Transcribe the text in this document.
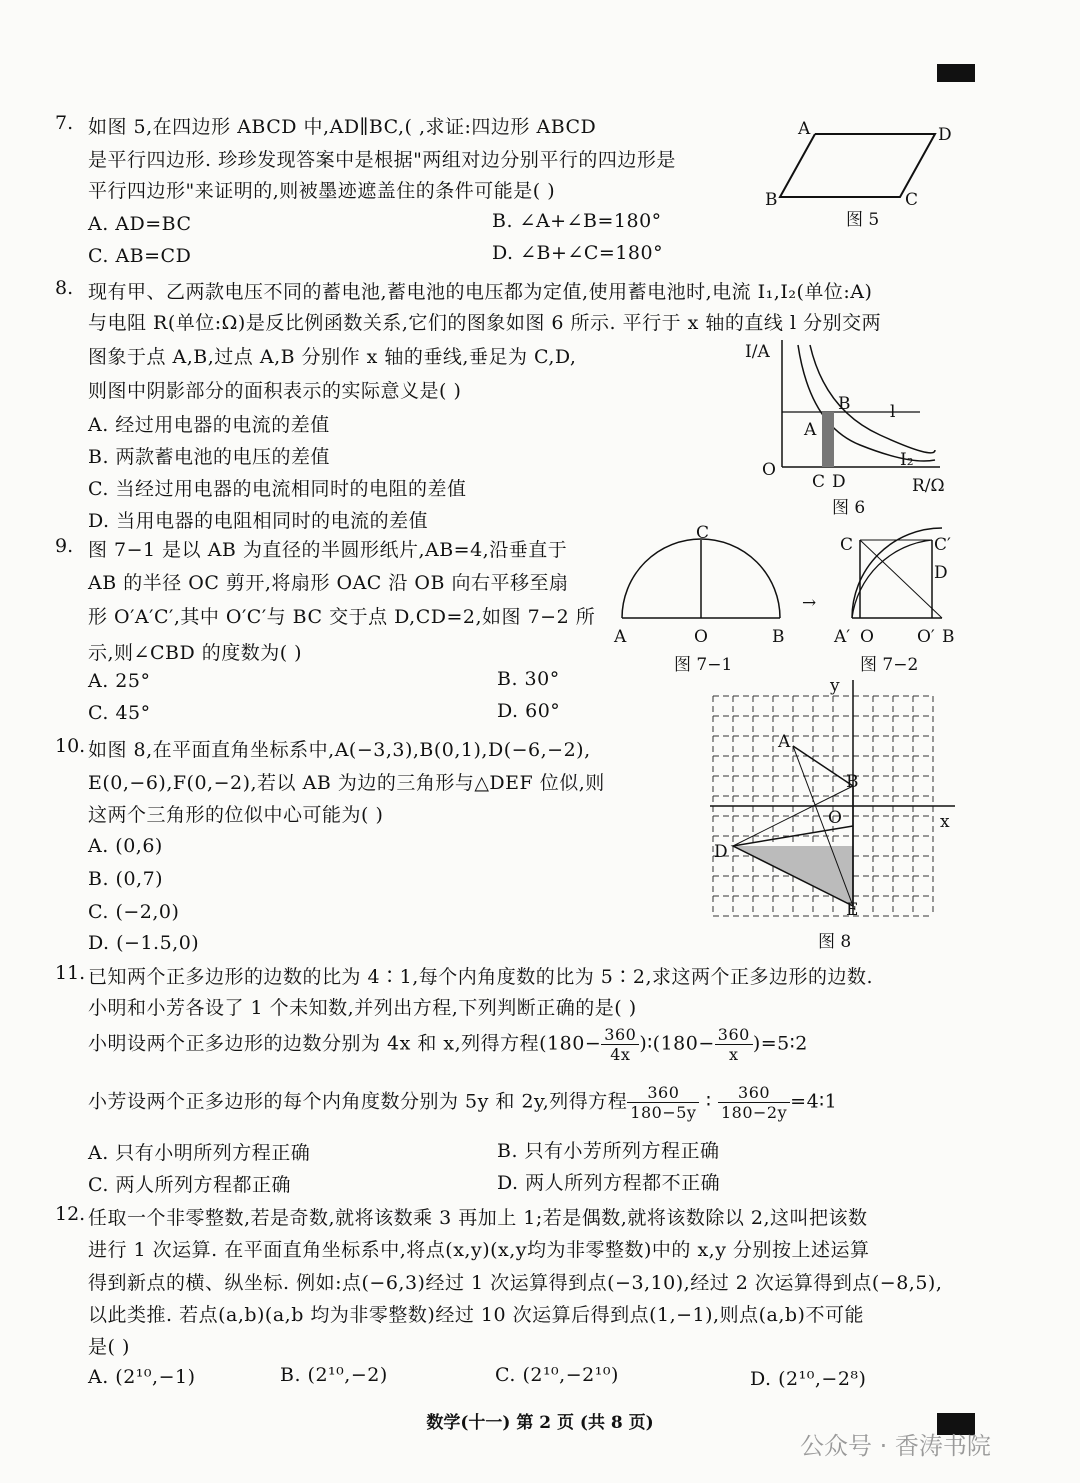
7. 如图 5,在四边形 ABCD 中,AD∥BC,( ,求证:四边形 ABCD
是平行四边形. 珍珍发现答案中是根据"两组对边分别平行的四边形是
平行四边形"来证明的,则被墨迹遮盖住的条件可能是( )
A. AD=BC	B. ∠A+∠B=180°
C. AB=CD	D. ∠B+∠C=180°
A	D
B	C
图 5
8. 现有甲、乙两款电压不同的蓄电池,蓄电池的电压都为定值,使用蓄电池时,电流 I₁,I₂(单位:A)
与电阻 R(单位:Ω)是反比例函数关系,它们的图象如图 6 所示. 平行于 x 轴的直线 l 分别交两
图象于点 A,B,过点 A,B 分别作 x 轴的垂线,垂足为 C,D,
则图中阴影部分的面积表示的实际意义是( )
A. 经过用电器的电流的差值
B. 两款蓄电池的电压的差值
C. 当经过用电器的电流相同时的电阻的差值
D. 当用电器的电阻相同时的电流的差值
I/A
O
A
B l
C D
I₂
R/Ω
图 6
9. 图 7−1 是以 AB 为直径的半圆形纸片,AB=4,沿垂直于
AB 的半径 OC 剪开,将扇形 OAC 沿 OB 向右平移至扇
形 O′A′C′,其中 O′C′与 BC 交于点 D,CD=2,如图 7−2 所
示,则∠CBD 的度数为( )
A. 25°	B. 30°
C. 45°	D. 60°
C
A	O	B
图 7−1
→
C	C′
D
A′ O	O′ B
图 7−2
10. 如图 8,在平面直角坐标系中,A(−3,3),B(0,1),D(−6,−2),
E(0,−6),F(0,−2),若以 AB 为边的三角形与△DEF 位似,则
这两个三角形的位似中心可能为( )
A. (0,6)
B. (0,7)
C. (−2,0)
D. (−1.5,0)
y
x
A
B
O
D
E
图 8
11. 已知两个正多边形的边数的比为 4∶1,每个内角度数的比为 5∶2,求这两个正多边形的边数.
小明和小芳各设了 1 个未知数,并列出方程,下列判断正确的是( )
小明设两个正多边形的边数分别为 4x 和 x,列得方程($180- \frac{360}{4x}$ )∶(180− $\frac{360}{x}$ )=5∶2
小芳设两个正多边形的每个内角度数分别为 5y 和 2y,列得方程 $\frac{360}{180-5y}$ ∶ $\frac{360}{180-2y}$ =4∶1
A. 只有小明所列方程正确	B. 只有小芳所列方程正确
C. 两人所列方程都正确	D. 两人所列方程都不正确
12. 任取一个非零整数,若是奇数,就将该数乘 3 再加上 1;若是偶数,就将该数除以 2,这叫把该数
进行 1 次运算. 在平面直角坐标系中,将点(x,y)(x,y均为非零整数)中的 x,y 分别按上述运算
得到新点的横、纵坐标. 例如:点(−6,3)经过 1 次运算得到点(−3,10),经过 2 次运算得到点(−8,5),
以此类推. 若点(a,b)(a,b 均为非零整数)经过 10 次运算后得到点(1,−1),则点(a,b)不可能
是( )
A. (2¹⁰,−1)	B. (2¹⁰,−2)	C. (2¹⁰,−2¹⁰)	D. (2¹⁰,−2⁸)
数学(十一) 第 2 页 (共 8 页)
公众号 · 香涛书院
